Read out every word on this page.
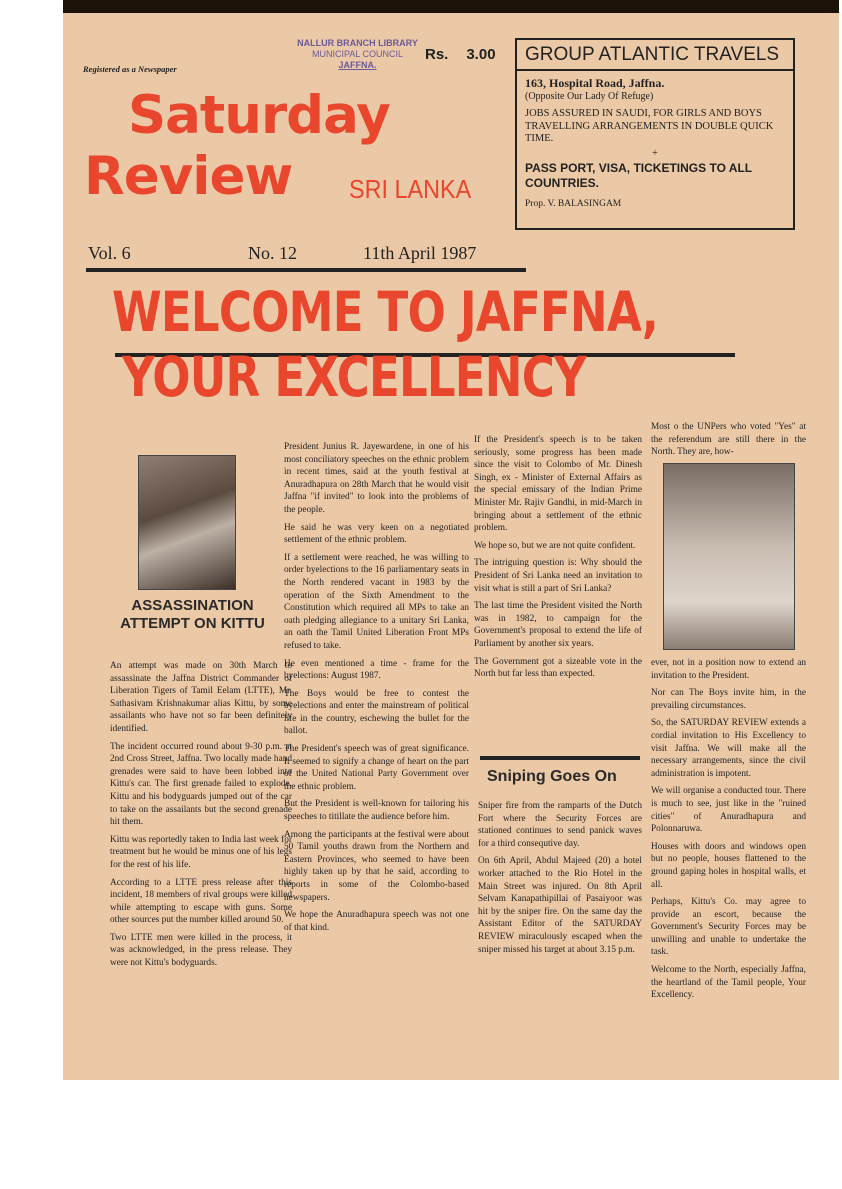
Registered as a Newspaper
NALLUR BRANCH LIBRARY
MUNICIPAL COUNCIL
JAFFNA.
Rs. 3.00
Saturday
Review SRI LANKA
GROUP ATLANTIC TRAVELS
163, Hospital Road, Jaffna.
(Opposite Our Lady Of Refuge)
JOBS ASSURED IN SAUDI, FOR GIRLS AND BOYS TRAVELLING ARRANGEMENTS IN DOUBLE QUICK TIME.
+
PASS PORT, VISA, TICKETINGS TO ALL COUNTRIES.
Prop. V. BALASINGAM
Vol. 6	No. 12	11th April 1987
WELCOME TO JAFFNA,
YOUR EXCELLENCY
ASSASSINATION ATTEMPT ON KITTU

An attempt was made on 30th March to assassinate the Jaffna District Commander of Liberation Tigers of Tamil Eelam (LTTE), Mr. Sathasivam Krishnakumar alias Kittu, by some assailants who have not so far been definitely identified.

The incident occurred round about 9-30 p.m. at 2nd Cross Street, Jaffna. Two locally made hand grenades were said to have been lobbed into Kittu's car. The first grenade failed to explode. Kittu and his bodyguards jumped out of the car to take on the assailants but the second grenade hit them.

Kittu was reportedly taken to India last week for treatment but he would be minus one of his legs for the rest of his life.

According to a LTTE press release after this incident, 18 members of rival groups were killed while attempting to escape with guns. Some other sources put the number killed around 50.

Two LTTE men were killed in the process, it was acknowledged, in the press release. They were not Kittu's bodyguards.

President Junius R. Jayewardene, in one of his most conciliatory speeches on the ethnic problem in recent times, said at the youth festival at Anuradhapura on 28th March that he would visit Jaffna "if invited" to look into the problems of the people.

He said he was very keen on a negotiated settlement of the ethnic problem.

If a settlement were reached, he was willing to order byelections to the 16 parliamentary seats in the North rendered vacant in 1983 by the operation of the Sixth Amendment to the Constitution which required all MPs to take an oath pledging allegiance to a unitary Sri Lanka, an oath the Tamil United Liberation Front MPs refused to take.

He even mentioned a time - frame for the byelections: August 1987.

The Boys would be free to contest the byelections and enter the mainstream of political life in the country, eschewing the bullet for the ballot.

The President's speech was of great significance. It seemed to signify a change of heart on the part of the United National Party Government over the ethnic problem.

But the President is well-known for tailoring his speeches to titillate the audience before him.

Among the participants at the festival were about 50 Tamil youths drawn from the Northern and Eastern Provinces, who seemed to have been highly taken up by that he said, according to reports in some of the Colombo-based newspapers.

We hope the Anuradhapura speech was not one of that kind.

If the President's speech is to be taken seriously, some progress has been made since the visit to Colombo of Mr. Dinesh Singh, ex - Minister of External Affairs as the special emissary of the Indian Prime Minister Mr. Rajiv Gandhi, in mid-March in bringing about a settlement of the ethnic problem.

We hope so, but we are not quite confident.

The intriguing question is: Why should the President of Sri Lanka need an invitation to visit what is still a part of Sri Lanka?

The last time the President visited the North was in 1982, to campaign for the Government's proposal to extend the life of Parliament by another six years.

The Government got a sizeable vote in the North but far less than expected.

Sniping Goes On

Sniper fire from the ramparts of the Dutch Fort where the Security Forces are stationed continues to send panick waves for a third consequtive day.

On 6th April, Abdul Majeed (20) a hotel worker attached to the Rio Hotel in the Main Street was injured. On 8th April Selvam Kanapathipillai of Pasaiyoor was hit by the sniper fire. On the same day the Assistant Editor of the SATURDAY REVIEW miraculously escaped when the sniper missed his target at about 3.15 p.m.

Most o the UNPers who voted "Yes" at the referendum are still there in the North. They are, how-

ever, not in a position now to extend an invitation to the President.

Nor can The Boys invite him, in the prevailing circumstances.

So, the SATURDAY REVIEW extends a cordial invitation to His Excellency to visit Jaffna. We will make all the necessary arrangements, since the civil administration is impotent.

We will organise a conducted tour. There is much to see, just like in the "ruined cities" of Anuradhapura and Polonnaruwa.

Houses with doors and windows open but no people, houses flattened to the ground gaping holes in hospital walls, et all.

Perhaps, Kittu's Co. may agree to provide an escort, because the Government's Security Forces may be unwilling and unable to undertake the task.

Welcome to the North, especially Jaffna, the heartland of the Tamil people, Your Excellency.
